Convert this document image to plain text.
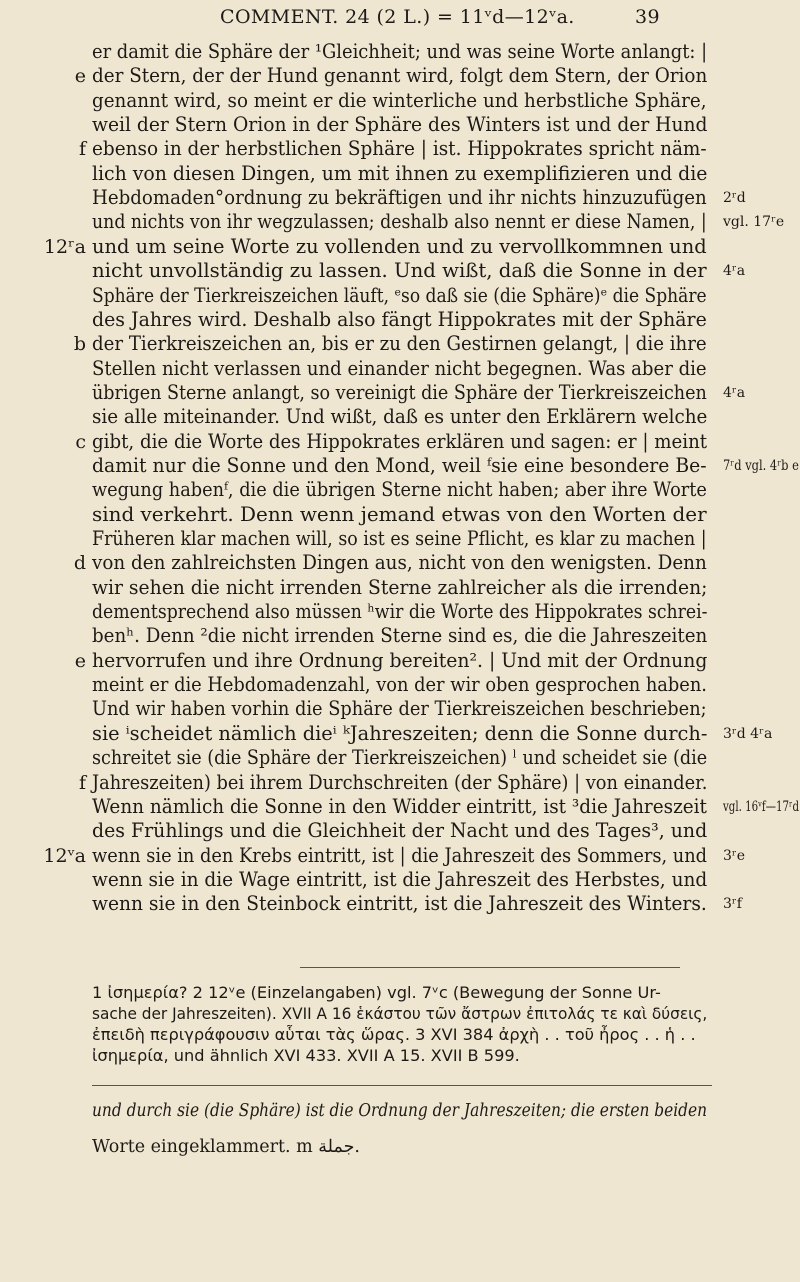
COMMENT. 24 (2 L.) = 11ᵛd—12ᵛa.	39
er damit die Sphäre der ¹Gleichheit; und was seine Worte anlangt: |
der Stern, der der Hund genannt wird, folgt dem Stern, der Orion
genannt wird, so meint er die winterliche und herbstliche Sphäre,
weil der Stern Orion in der Sphäre des Winters ist und der Hund
ebenso in der herbstlichen Sphäre | ist. Hippokrates spricht näm-
lich von diesen Dingen, um mit ihnen zu exemplifizieren und die
Hebdomaden°ordnung zu bekräftigen und ihr nichts hinzuzufügen
und nichts von ihr wegzulassen; deshalb also nennt er diese Namen, |
und um seine Worte zu vollenden und zu vervollkommnen und
nicht unvollständig zu lassen. Und wißt, daß die Sonne in der
Sphäre der Tierkreiszeichen läuft, ᵉso daß sie (die Sphäre)ᵉ die Sphäre
des Jahres wird. Deshalb also fängt Hippokrates mit der Sphäre
der Tierkreiszeichen an, bis er zu den Gestirnen gelangt, | die ihre
Stellen nicht verlassen und einander nicht begegnen. Was aber die
übrigen Sterne anlangt, so vereinigt die Sphäre der Tierkreiszeichen
sie alle miteinander. Und wißt, daß es unter den Erklärern welche
gibt, die die Worte des Hippokrates erklären und sagen: er | meint
damit nur die Sonne und den Mond, weil ᶠsie eine besondere Be-
wegung habenᶠ, die die übrigen Sterne nicht haben; aber ihre Worte
sind verkehrt. Denn wenn jemand etwas von den Worten der
Früheren klar machen will, so ist es seine Pflicht, es klar zu machen |
von den zahlreichsten Dingen aus, nicht von den wenigsten. Denn
wir sehen die nicht irrenden Sterne zahlreicher als die irrenden;
dementsprechend also müssen ʰwir die Worte des Hippokrates schrei-
benʰ. Denn ²die nicht irrenden Sterne sind es, die die Jahreszeiten
hervorrufen und ihre Ordnung bereiten². | Und mit der Ordnung
meint er die Hebdomadenzahl, von der wir oben gesprochen haben.
Und wir haben vorhin die Sphäre der Tierkreiszeichen beschrieben;
sie ⁱscheidet nämlich dieⁱ ᵏJahreszeiten; denn die Sonne durch-
schreitet sie (die Sphäre der Tierkreiszeichen) ˡ und scheidet sie (die
Jahreszeiten) bei ihrem Durchschreiten (der Sphäre) | von einander.
Wenn nämlich die Sonne in den Widder eintritt, ist ³die Jahreszeit
des Frühlings und die Gleichheit der Nacht und des Tages³, und
wenn sie in den Krebs eintritt, ist | die Jahreszeit des Sommers, und
wenn sie in die Wage eintritt, ist die Jahreszeit des Herbstes, und
wenn sie in den Steinbock eintritt, ist die Jahreszeit des Winters.
e
f
12ʳa
b
c
d
e
f
12ᵛa
2ʳd
vgl. 17ʳe
4ʳa
4ʳa
7ʳd vgl. 4ʳb e
3ʳd 4ʳa
vgl. 16ᵛf—17ʳd
3ʳe
3ʳf
1 ἰσημερία? 2 12ᵛe (Einzelangaben) vgl. 7ᵛc (Bewegung der Sonne Ur-
sache der Jahreszeiten). XVII A 16 ἑκάστου τῶν ἄστρων ἐπιτολάς τε καὶ δύσεις,
ἐπειδὴ περιγράφουσιν αὗται τὰς ὥρας. 3 XVI 384 ἀρχὴ . . τοῦ ἦρος . . ἡ . .
ἰσημερία, und ähnlich XVI 433. XVII A 15. XVII B 599.
und durch sie (die Sphäre) ist die Ordnung der Jahreszeiten; die ersten beiden
Worte eingeklammert. m جملة.
